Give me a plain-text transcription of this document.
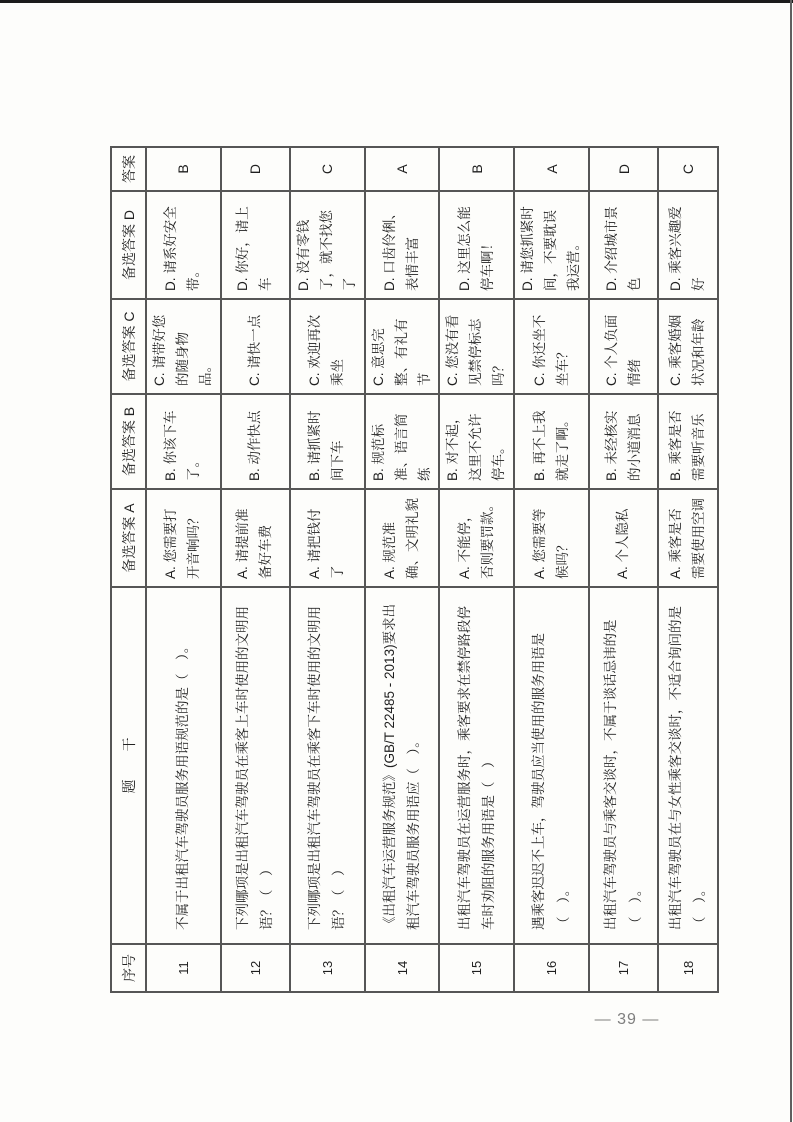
序号	题　　干	备选答案 A	备选答案 B	备选答案 C	备选答案 D	答案
11	不属于出租汽车驾驶员服务用语规范的是（　）。	A. 您需要打开音响吗？	B. 你该下车了。	C. 请带好您的随身物品。	D. 请系好安全带。	B
12	下列哪项是出租汽车驾驶员在乘客上车时使用的文明用语？（　）	A. 请提前准备好车费	B. 动作快点	C. 请快一点	D. 你好，请上车	D
13	下列哪项是出租汽车驾驶员在乘客下车时使用的文明用语？（　）	A. 请把钱付了	B. 请抓紧时间下车	C. 欢迎再次乘坐	D. 没有零钱了，就不找您了	C
14	《出租汽车运营服务规范》(GB/T 22485 - 2013)要求出租汽车驾驶员服务用语应（　）。	A. 规范准确、文明礼貌	B. 规范标准、语言简练	C. 意思完整、有礼有节	D. 口齿伶俐、表情丰富	A
15	出租汽车驾驶员在运营服务时，乘客要求在禁停路段停车时劝阻的服务用语是（　）	A. 不能停，否则要罚款。	B. 对不起，这里不允许停车。	C. 您没有看见禁停标志吗？	D. 这里怎么能停车啊！	B
16	遇乘客迟迟不上车，驾驶员应当使用的服务用语是（　）。	A. 您需要等候吗？	B. 再不上我就走了啊。	C. 你还坐不坐车？	D. 请您抓紧时间，不要耽误我运营。	A
17	出租汽车驾驶员与乘客交谈时，不属于谈话忌讳的是（　）。	A. 个人隐私	B. 未经核实的小道消息	C. 个人负面情绪	D. 介绍城市景色	D
18	出租汽车驾驶员在与女性乘客交谈时，不适合询问的是（　）。	A. 乘客是否需要使用空调	B. 乘客是否需要听音乐	C. 乘客婚姻状况和年龄	D. 乘客兴趣爱好	C
— 39 —
